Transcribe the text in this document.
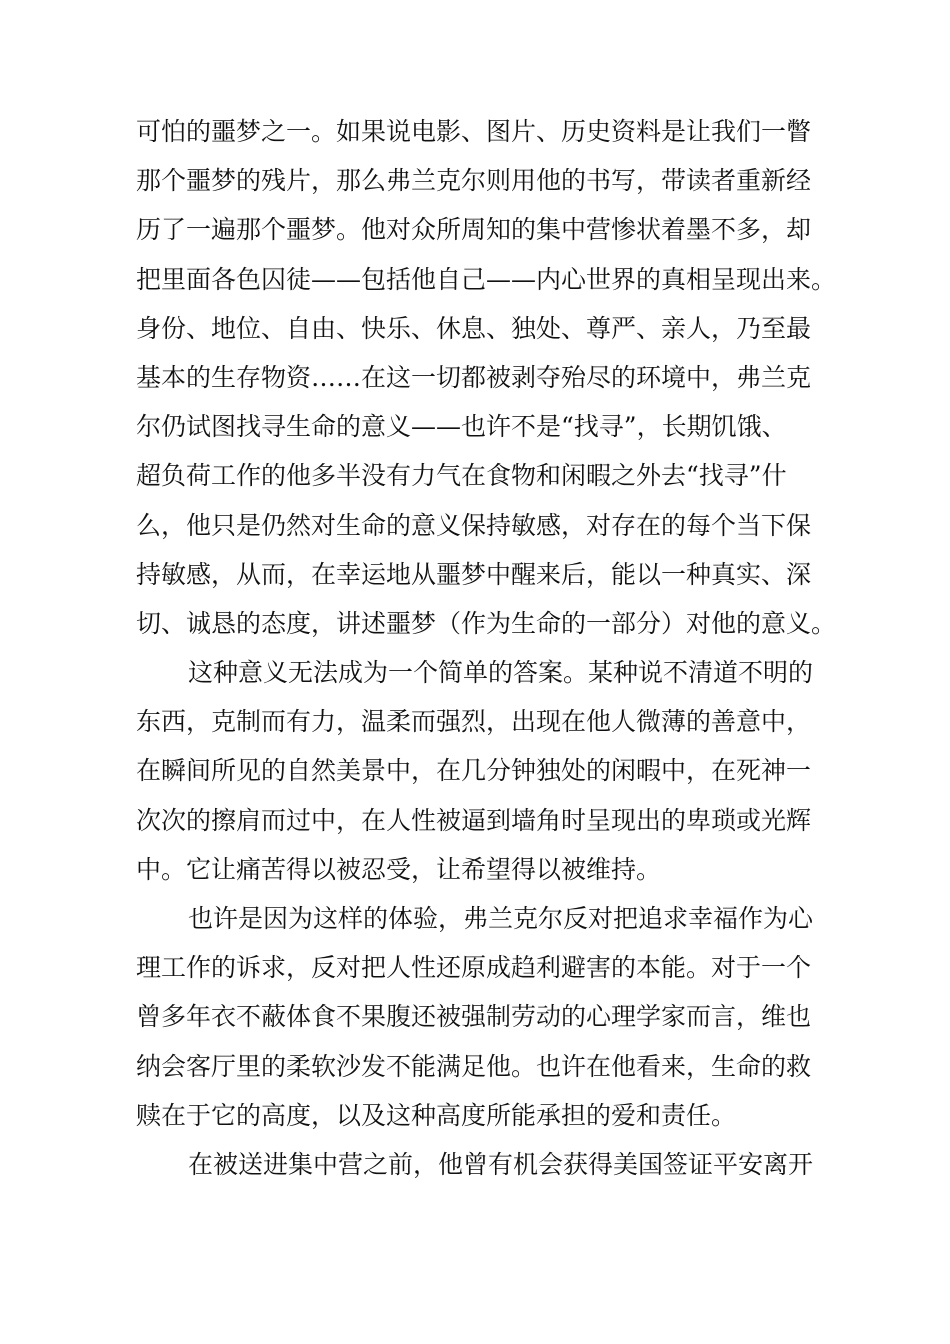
可怕的噩梦之一。如果说电影、图片、历史资料是让我们一瞥
那个噩梦的残片，那么弗兰克尔则用他的书写，带读者重新经
历了一遍那个噩梦。他对众所周知的集中营惨状着墨不多，却
把里面各色囚徒——包括他自己——内心世界的真相呈现出来。
身份、地位、自由、快乐、休息、独处、尊严、亲人，乃至最
基本的生存物资……在这一切都被剥夺殆尽的环境中，弗兰克
尔仍试图找寻生命的意义——也许不是“找寻”，长期饥饿、
超负荷工作的他多半没有力气在食物和闲暇之外去“找寻”什
么，他只是仍然对生命的意义保持敏感，对存在的每个当下保
持敏感，从而，在幸运地从噩梦中醒来后，能以一种真实、深
切、诚恳的态度，讲述噩梦（作为生命的一部分）对他的意义。
这种意义无法成为一个简单的答案。某种说不清道不明的
东西，克制而有力，温柔而强烈，出现在他人微薄的善意中，
在瞬间所见的自然美景中，在几分钟独处的闲暇中，在死神一
次次的擦肩而过中，在人性被逼到墙角时呈现出的卑琐或光辉
中。它让痛苦得以被忍受，让希望得以被维持。
也许是因为这样的体验，弗兰克尔反对把追求幸福作为心
理工作的诉求，反对把人性还原成趋利避害的本能。对于一个
曾多年衣不蔽体食不果腹还被强制劳动的心理学家而言，维也
纳会客厅里的柔软沙发不能满足他。也许在他看来，生命的救
赎在于它的高度，以及这种高度所能承担的爱和责任。
在被送进集中营之前，他曾有机会获得美国签证平安离开
